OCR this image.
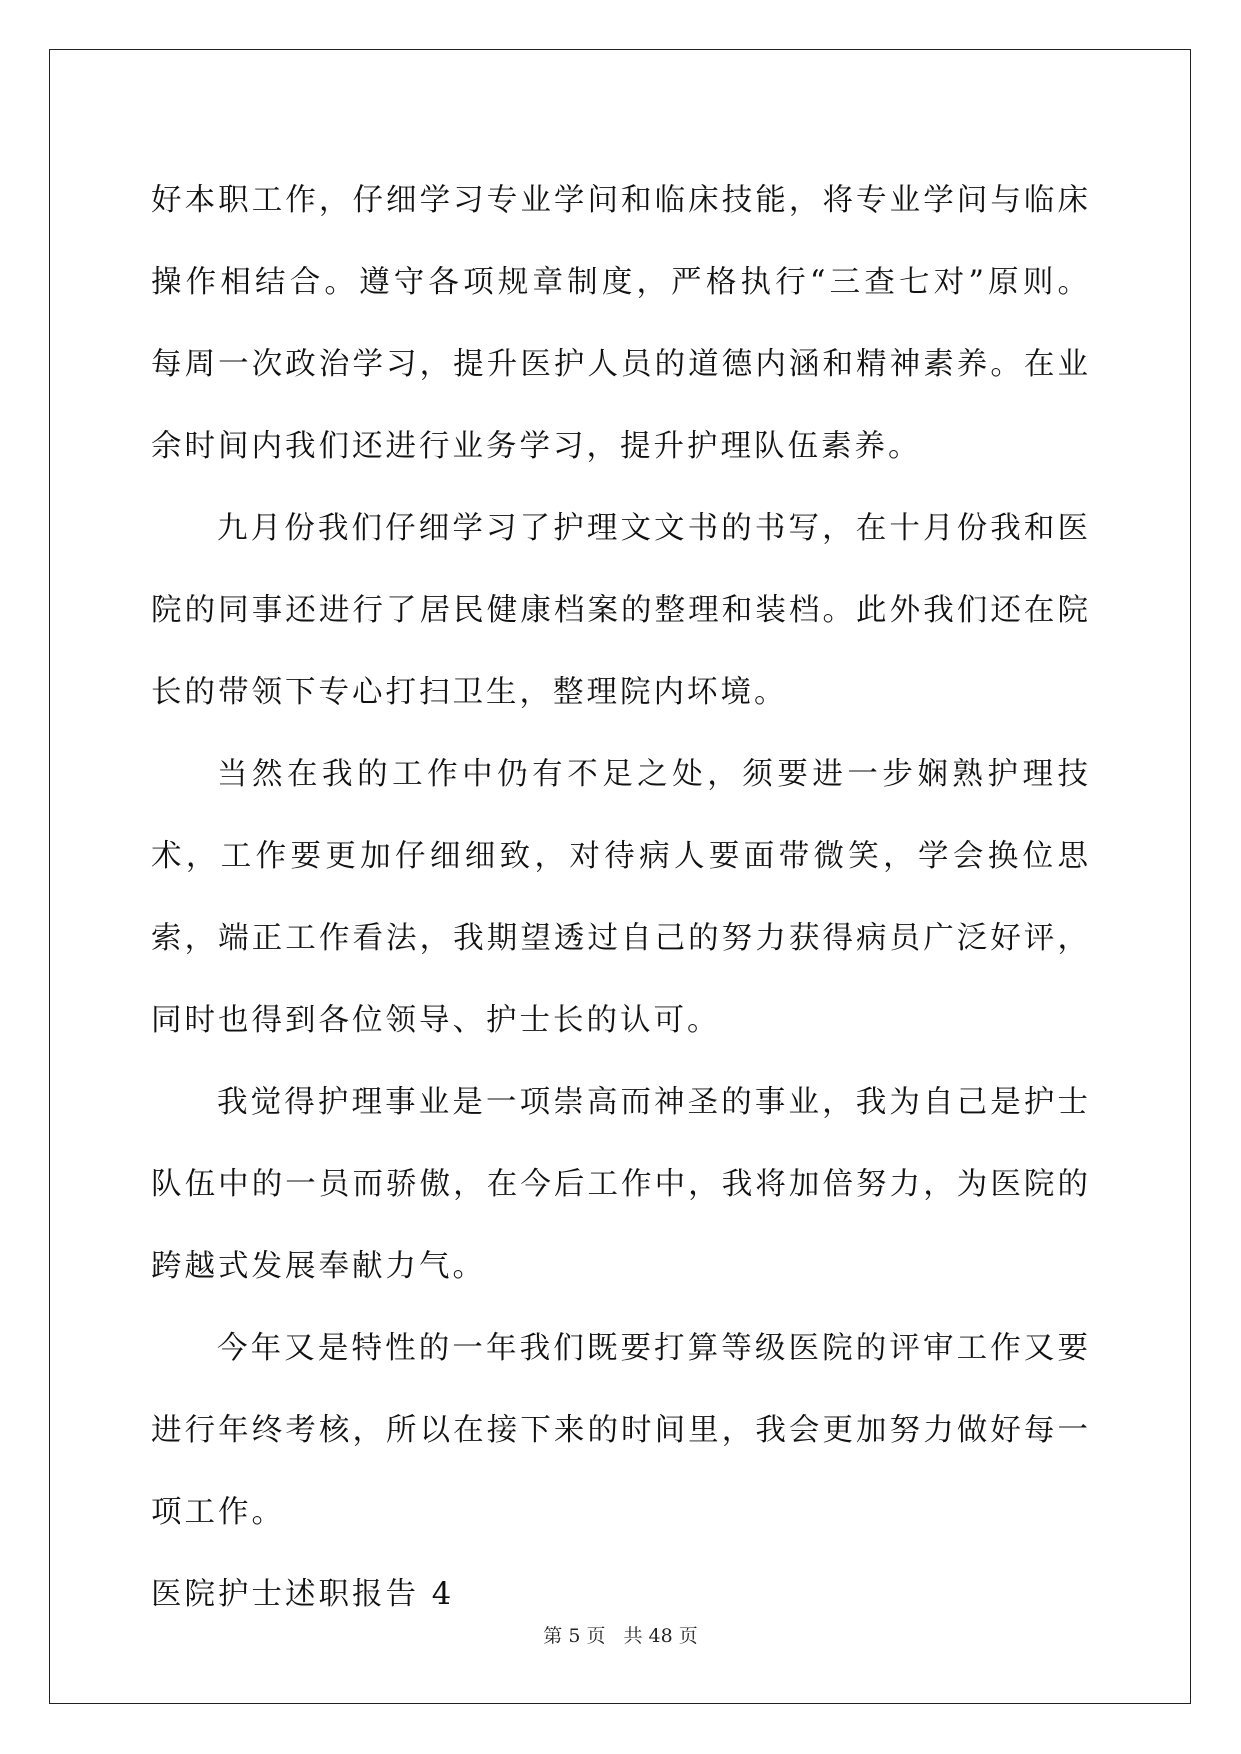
好本职工作，仔细学习专业学问和临床技能，将专业学问与临床操作相结合。遵守各项规章制度，严格执行“三查七对”原则。每周一次政治学习，提升医护人员的道德内涵和精神素养。在业余时间内我们还进行业务学习，提升护理队伍素养。

九月份我们仔细学习了护理文文书的书写，在十月份我和医院的同事还进行了居民健康档案的整理和装档。此外我们还在院长的带领下专心打扫卫生，整理院内坏境。

当然在我的工作中仍有不足之处，须要进一步娴熟护理技术，工作要更加仔细细致，对待病人要面带微笑，学会换位思索，端正工作看法，我期望透过自己的努力获得病员广泛好评，同时也得到各位领导、护士长的认可。

我觉得护理事业是一项崇高而神圣的事业，我为自己是护士队伍中的一员而骄傲，在今后工作中，我将加倍努力，为医院的跨越式发展奉献力气。

今年又是特性的一年我们既要打算等级医院的评审工作又要进行年终考核，所以在接下来的时间里，我会更加努力做好每一项工作。

医院护士述职报告 4

第 5 页 共 48 页
